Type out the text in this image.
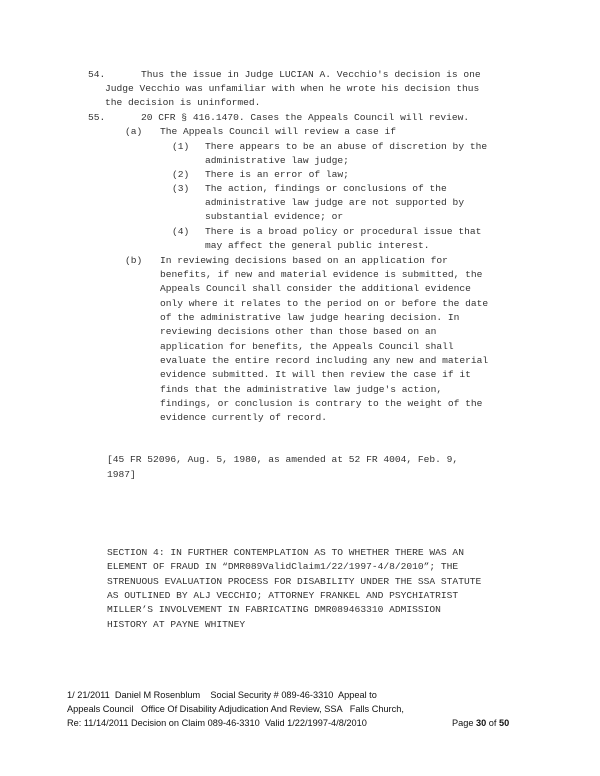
54.	Thus the issue in Judge LUCIAN A. Vecchio's decision is one
Judge Vecchio was unfamiliar with when he wrote his decision thus
the decision is uninformed.
55.	20 CFR § 416.1470. Cases the Appeals Council will review.
(a) The Appeals Council will review a case if
(1) There appears to be an abuse of discretion by the
administrative law judge;
(2) There is an error of law;
(3) The action, findings or conclusions of the
administrative law judge are not supported by
substantial evidence; or
(4) There is a broad policy or procedural issue that
may affect the general public interest.
(b) In reviewing decisions based on an application for
benefits, if new and material evidence is submitted, the
Appeals Council shall consider the additional evidence
only where it relates to the period on or before the date
of the administrative law judge hearing decision. In
reviewing decisions other than those based on an
application for benefits, the Appeals Council shall
evaluate the entire record including any new and material
evidence submitted. It will then review the case if it
finds that the administrative law judge's action,
findings, or conclusion is contrary to the weight of the
evidence currently of record.
[45 FR 52096, Aug. 5, 1980, as amended at 52 FR 4004, Feb. 9,
1987]
SECTION 4: IN FURTHER CONTEMPLATION AS TO WHETHER THERE WAS AN
ELEMENT OF FRAUD IN “DMR089ValidClaim1/22/1997-4/8/2010”; THE
STRENUOUS EVALUATION PROCESS FOR DISABILITY UNDER THE SSA STATUTE
AS OUTLINED BY ALJ VECCHIO; ATTORNEY FRANKEL AND PSYCHIATRIST
MILLER’S INVOLVEMENT IN FABRICATING DMR089463310 ADMISSION
HISTORY AT PAYNE WHITNEY
1/ 21/2011  Daniel M Rosenblum    Social Security # 089-46-3310  Appeal to
Appeals Council   Office Of Disability Adjudication And Review, SSA   Falls Church,
Re: 11/14/2011 Decision on Claim 089-46-3310  Valid 1/22/1997-4/8/2010	Page 30 of 50
